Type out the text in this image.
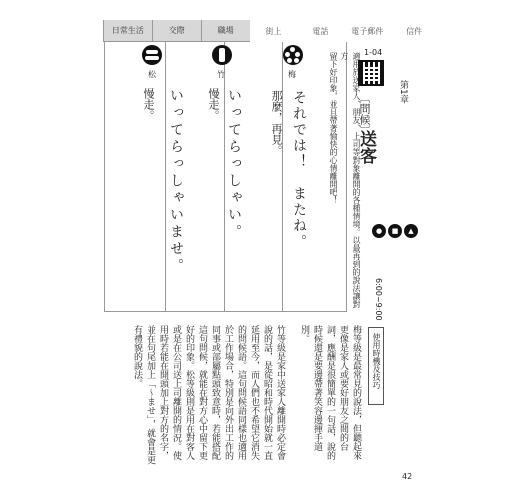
日常生活	交際	職場	街上	電話	電子郵件	信件
第1章
1-04
〔問候〕
送客
適用於送家人、朋友、上司等對象離開的各種情境。以最再到的說法讓對方
留下好印象，並且帶著愉快的心情離開吧！
▲
■
●
6:00~9:00
梅
それでは！　またね。
那麼，再見。
竹
いってらっしゃい。
慢走。
松
いってらっしゃいませ。
慢走。
使用時機及技巧
梅等級是最常見的說法，但聽起來更像是家人或要好朋友之間的台詞，應酬是很簡單的一句話，說的時候還是要邊帶著笑容邊揮手道別。
竹等級是家中送家人離開時必定會說的話，是從昭和時代開始就一直延用至今，而人們也不希望它消失的問候語。這句問候語同樣也適用於工作場合，特別是向外出工作的同事或部屬點頭致意時，若能搭配這句問候，就能在對方心中留下更好的印象。松等級則是用在對客人或是在公司送上司離開的情況。使用時若能在開頭加上對方的名字，並在句尾加上「～ませ」，就會是更有禮貌的說法。
42
